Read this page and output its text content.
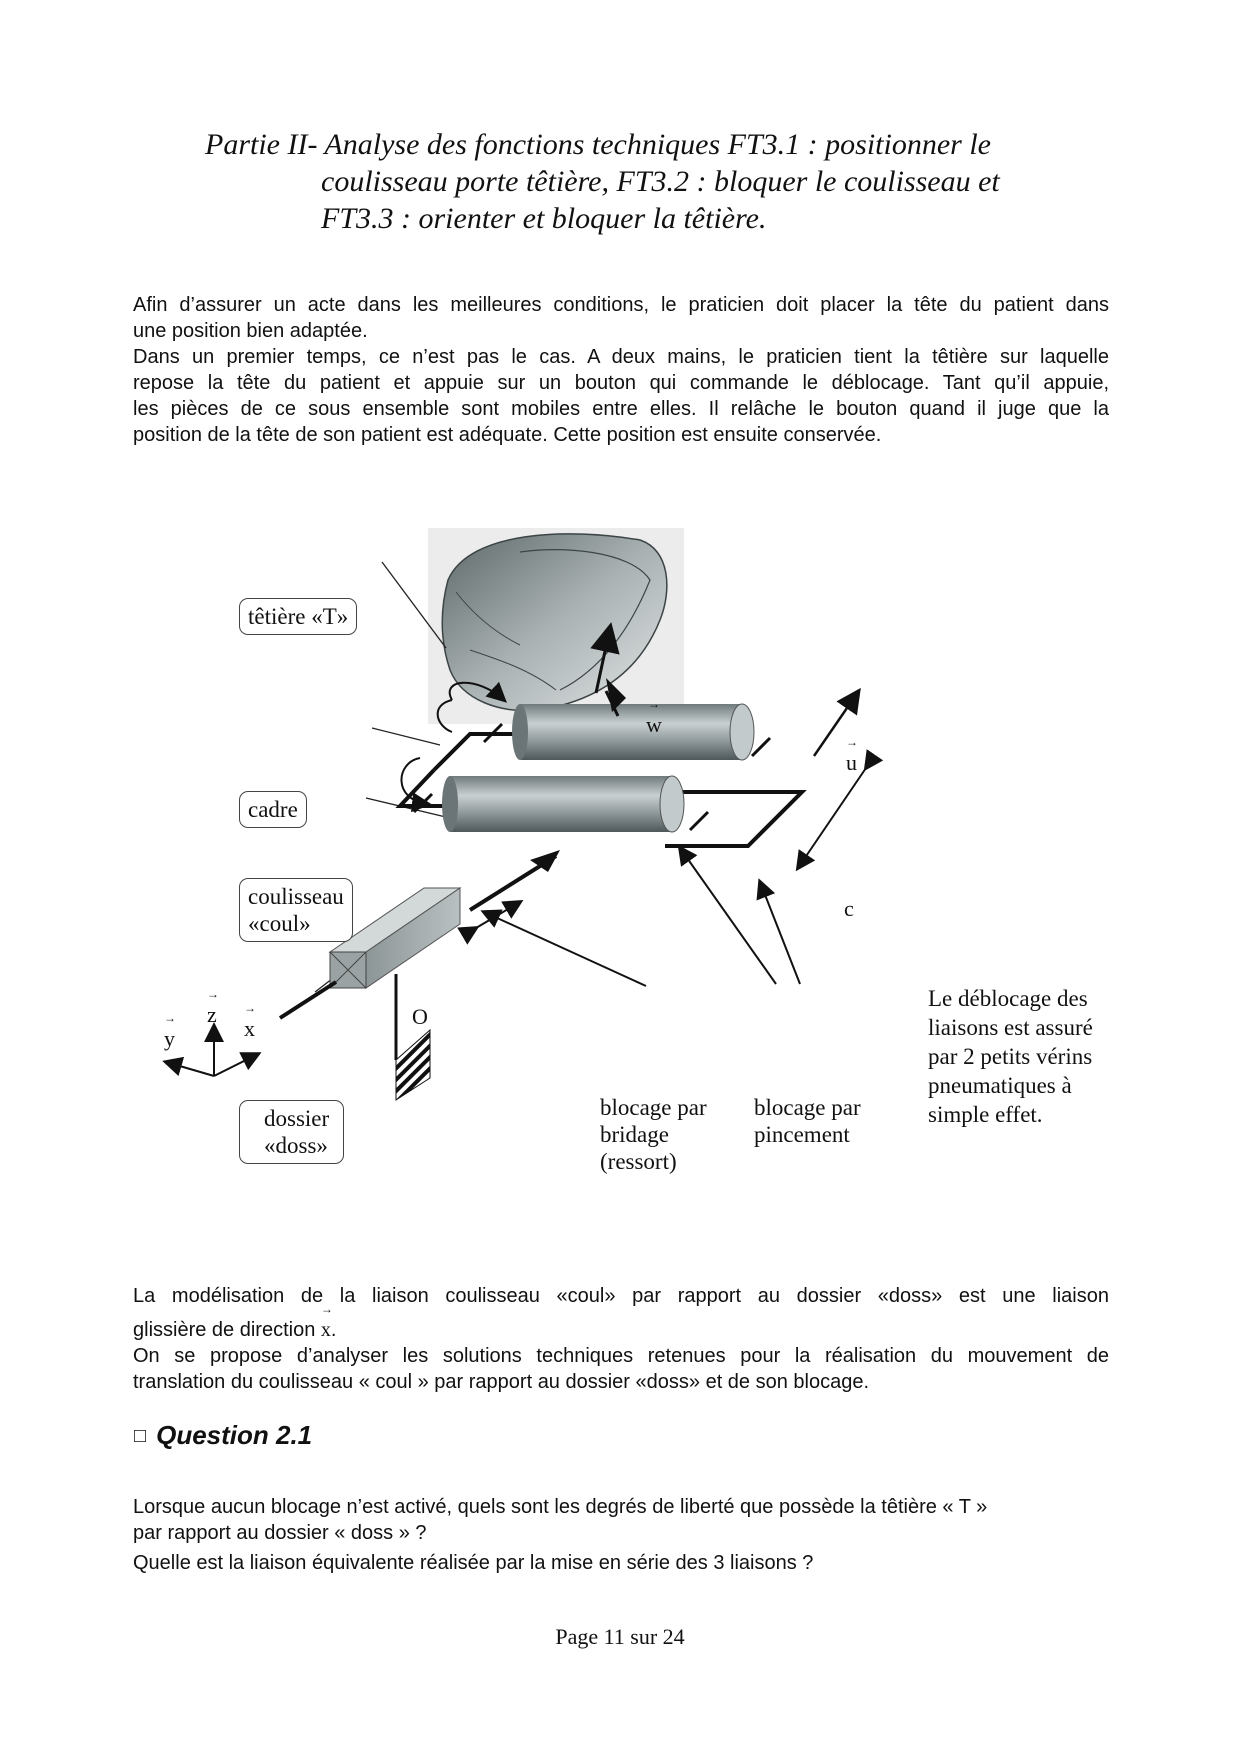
Partie II- Analyse des fonctions techniques FT3.1 : positionner le
coulisseau porte têtière, FT3.2 : bloquer le coulisseau et
FT3.3 : orienter et bloquer la têtière.
Afin d’assurer un acte dans les meilleures conditions, le praticien doit placer la tête du patient dans
une position bien adaptée.
Dans un premier temps, ce n’est pas le cas. A deux mains, le praticien tient la têtière sur laquelle
repose la tête du patient et appuie sur un bouton qui commande le déblocage. Tant qu’il appuie,
les pièces de ce sous ensemble sont mobiles entre elles. Il relâche le bouton quand il juge que la
position de la tête de son patient est adéquate. Cette position est ensuite conservée.
têtière «T»
cadre
coulisseau
«coul»
dossier
«doss»
→ w
→ u
c
→ z
→ y	→ x	O
blocage par
bridage
(ressort)
blocage par
pincement
Le déblocage des
liaisons est assuré
par 2 petits vérins
pneumatiques à
simple effet.
La modélisation de la liaison coulisseau «coul» par rapport au dossier «doss» est une liaison
glissière de direction → x.
On se propose d’analyser les solutions techniques retenues pour la réalisation du mouvement de
translation du coulisseau « coul » par rapport au dossier «doss» et de son blocage.
□ Question 2.1
Lorsque aucun blocage n’est activé, quels sont les degrés de liberté que possède la têtière « T »
par rapport au dossier « doss » ?
Quelle est la liaison équivalente réalisée par la mise en série des 3 liaisons ?
Page 11 sur 24
